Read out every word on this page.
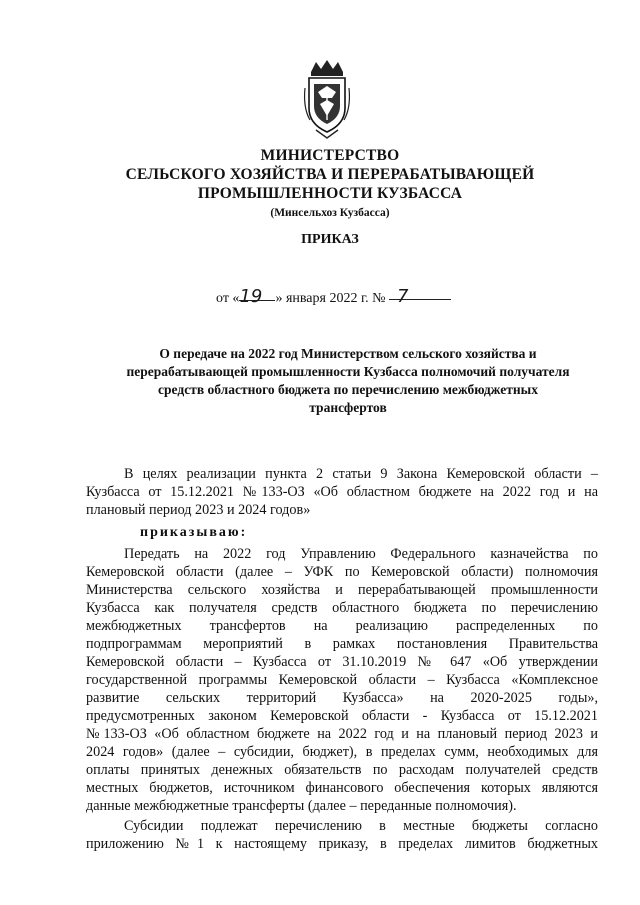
МИНИСТЕРСТВО
СЕЛЬСКОГО ХОЗЯЙСТВА И ПЕРЕРАБАТЫВАЮЩЕЙ
ПРОМЫШЛЕННОСТИ КУЗБАССА
(Минсельхоз Кузбасса)
ПРИКАЗ
от «19 » января 2022 г. № 7
О передаче на 2022 год Министерством сельского хозяйства и
перерабатывающей промышленности Кузбасса полномочий получателя
средств областного бюджета по перечислению межбюджетных
трансфертов
В целях реализации пункта 2 статьи 9 Закона Кемеровской области –
Кузбасса от 15.12.2021 №133-ОЗ «Об областном бюджете на 2022 год и на
плановый период 2023 и 2024 годов»
приказываю:
Передать на 2022 год Управлению Федерального казначейства по
Кемеровской области (далее – УФК по Кемеровской области) полномочия
Министерства сельского хозяйства и перерабатывающей промышленности
Кузбасса как получателя средств областного бюджета по перечислению
межбюджетных трансфертов на реализацию распределенных по
подпрограммам мероприятий в рамках постановления Правительства
Кемеровской области – Кузбасса от 31.10.2019 № 647 «Об утверждении
государственной программы Кемеровской области – Кузбасса «Комплексное
развитие сельских территорий Кузбасса» на 2020-2025 годы»,
предусмотренных законом Кемеровской области - Кузбасса от 15.12.2021
№133-ОЗ «Об областном бюджете на 2022 год и на плановый период 2023 и
2024 годов» (далее – субсидии, бюджет), в пределах сумм, необходимых для
оплаты принятых денежных обязательств по расходам получателей средств
местных бюджетов, источником финансового обеспечения которых являются
данные межбюджетные трансферты (далее – переданные полномочия).
Субсидии подлежат перечислению в местные бюджеты согласно
приложению №1 к настоящему приказу, в пределах лимитов бюджетных
